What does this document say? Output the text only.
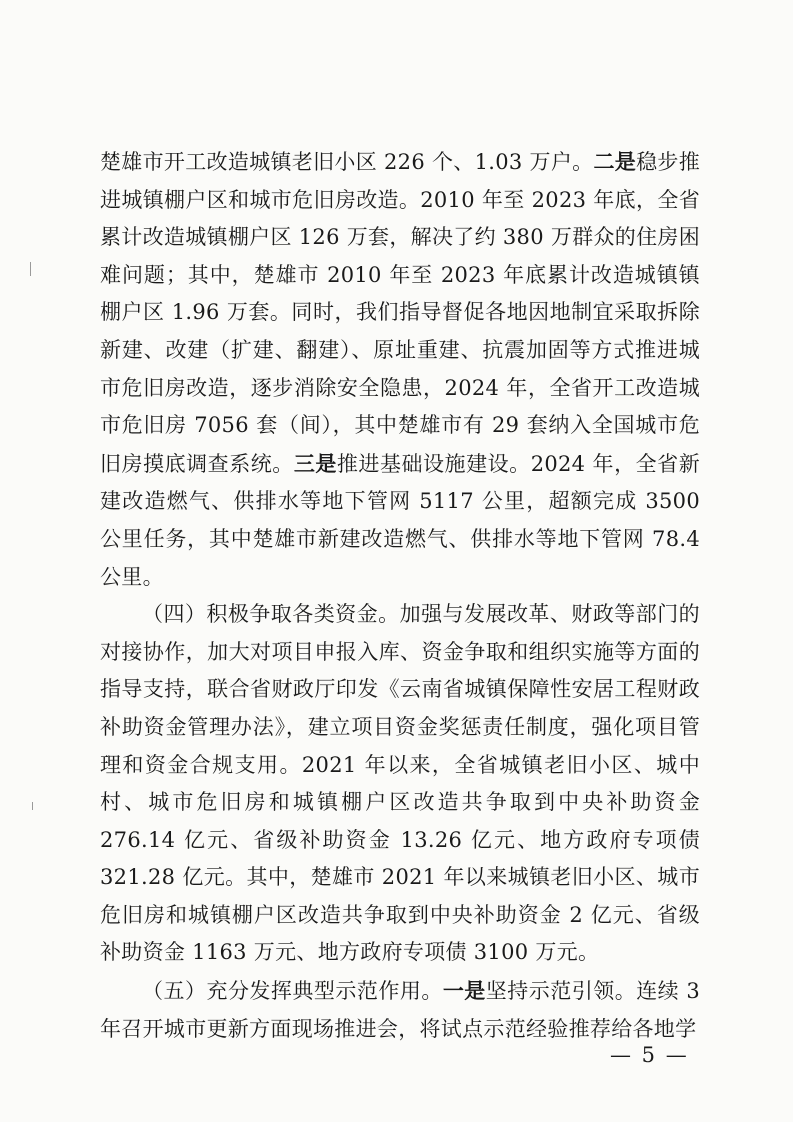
楚雄市开工改造城镇老旧小区 226 个、1.03 万户。二是稳步推进城镇棚户区和城市危旧房改造。2010 年至 2023 年底，全省累计改造城镇棚户区 126 万套，解决了约 380 万群众的住房困难问题；其中，楚雄市 2010 年至 2023 年底累计改造城镇镇棚户区 1.96 万套。同时，我们指导督促各地因地制宜采取拆除新建、改建（扩建、翻建）、原址重建、抗震加固等方式推进城市危旧房改造，逐步消除安全隐患，2024 年，全省开工改造城市危旧房 7056 套（间），其中楚雄市有 29 套纳入全国城市危旧房摸底调查系统。三是推进基础设施建设。2024 年，全省新建改造燃气、供排水等地下管网 5117 公里，超额完成 3500 公里任务，其中楚雄市新建改造燃气、供排水等地下管网 78.4 公里。

（四）积极争取各类资金。加强与发展改革、财政等部门的对接协作，加大对项目申报入库、资金争取和组织实施等方面的指导支持，联合省财政厅印发《云南省城镇保障性安居工程财政补助资金管理办法》，建立项目资金奖惩责任制度，强化项目管理和资金合规支用。2021 年以来，全省城镇老旧小区、城中村、城市危旧房和城镇棚户区改造共争取到中央补助资金 276.14 亿元、省级补助资金 13.26 亿元、地方政府专项债 321.28 亿元。其中，楚雄市 2021 年以来城镇老旧小区、城市危旧房和城镇棚户区改造共争取到中央补助资金 2 亿元、省级补助资金 1163 万元、地方政府专项债 3100 万元。

（五）充分发挥典型示范作用。一是坚持示范引领。连续 3 年召开城市更新方面现场推进会，将试点示范经验推荐给各地学

— 5 —
